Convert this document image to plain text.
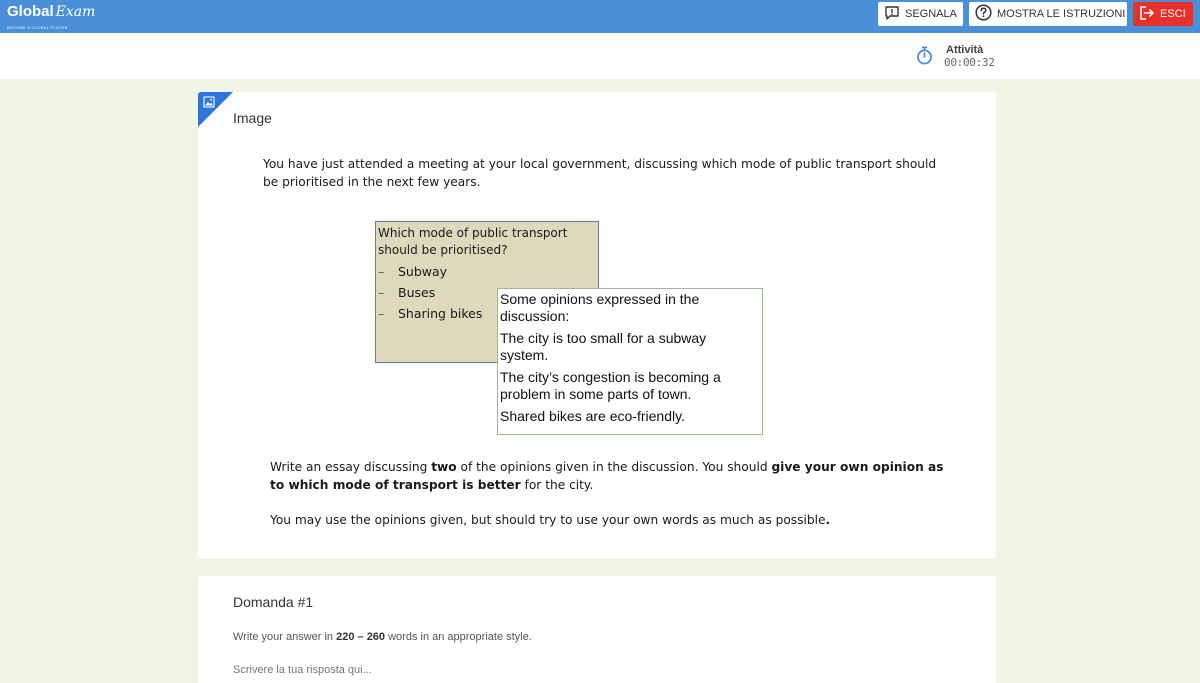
Global Exam
BECOME A GLOBAL PLAYER
SEGNALA	MOSTRA LE ISTRUZIONI	ESCI
Attività
00:00:32
Image
You have just attended a meeting at your local government, discussing which mode of public transport should be prioritised in the next few years.
Which mode of public transport should be prioritised?
– Subway
– Buses
– Sharing bikes
Some opinions expressed in the discussion:
The city is too small for a subway system.
The city’s congestion is becoming a problem in some parts of town.
Shared bikes are eco-friendly.
Write an essay discussing two of the opinions given in the discussion. You should give your own opinion as to which mode of transport is better for the city.
You may use the opinions given, but should try to use your own words as much as possible.
Domanda #1
Write your answer in 220 – 260 words in an appropriate style.
Scrivere la tua risposta qui...
